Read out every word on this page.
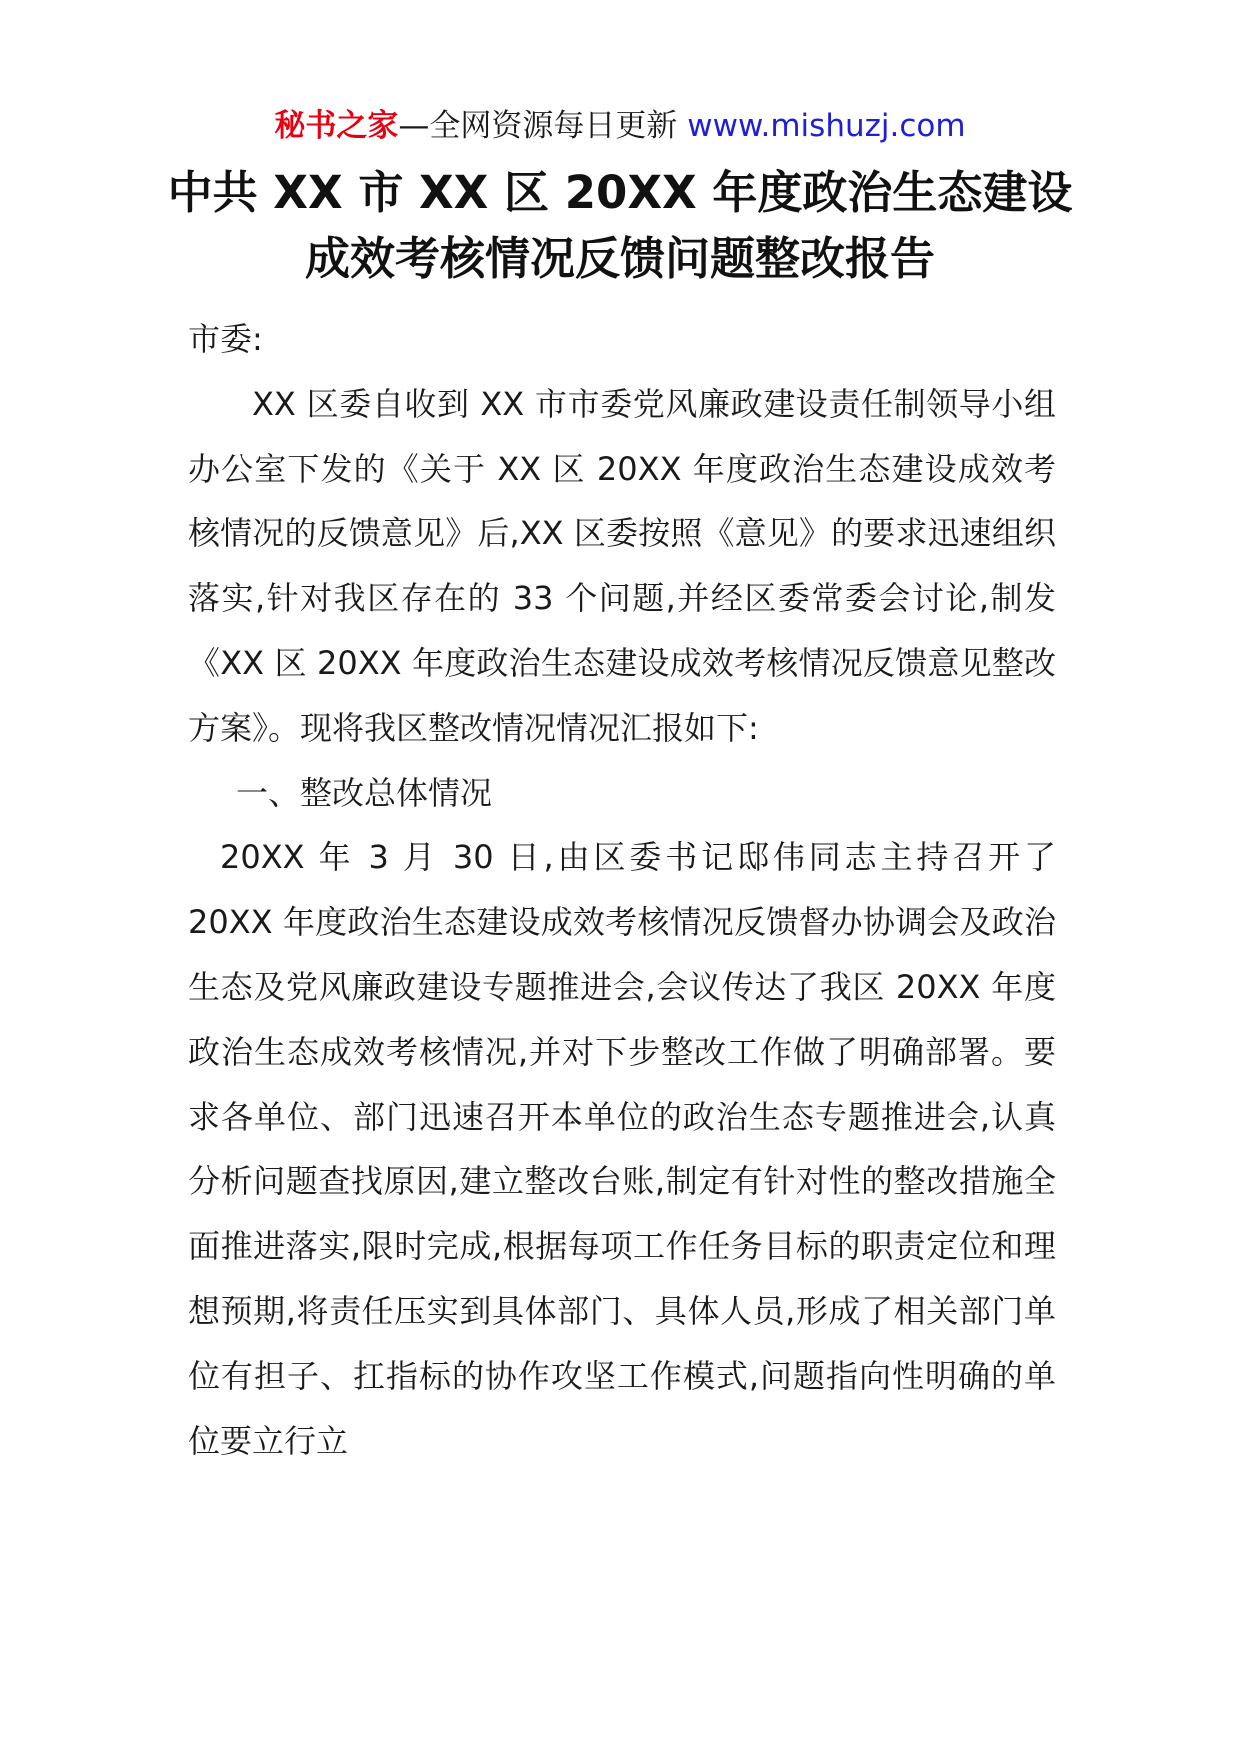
秘书之家—全网资源每日更新 www.mishuzj.com
中共 XX 市 XX 区 20XX 年度政治生态建设
成效考核情况反馈问题整改报告

市委:

XX 区委自收到 XX 市市委党风廉政建设责任制领导小组办公室下发的《关于 XX 区 20XX 年度政治生态建设成效考核情况的反馈意见》后,XX 区委按照《意见》的要求迅速组织落实,针对我区存在的 33 个问题,并经区委常委会讨论,制发《XX 区 20XX 年度政治生态建设成效考核情况反馈意见整改方案》。现将我区整改情况情况汇报如下:

一、整改总体情况

20XX 年 3 月 30 日,由区委书记邸伟同志主持召开了 20XX 年度政治生态建设成效考核情况反馈督办协调会及政治生态及党风廉政建设专题推进会,会议传达了我区 20XX 年度政治生态成效考核情况,并对下步整改工作做了明确部署。要求各单位、部门迅速召开本单位的政治生态专题推进会,认真分析问题查找原因,建立整改台账,制定有针对性的整改措施全面推进落实,限时完成,根据每项工作任务目标的职责定位和理想预期,将责任压实到具体部门、具体人员,形成了相关部门单位有担子、扛指标的协作攻坚工作模式,问题指向性明确的单位要立行立
